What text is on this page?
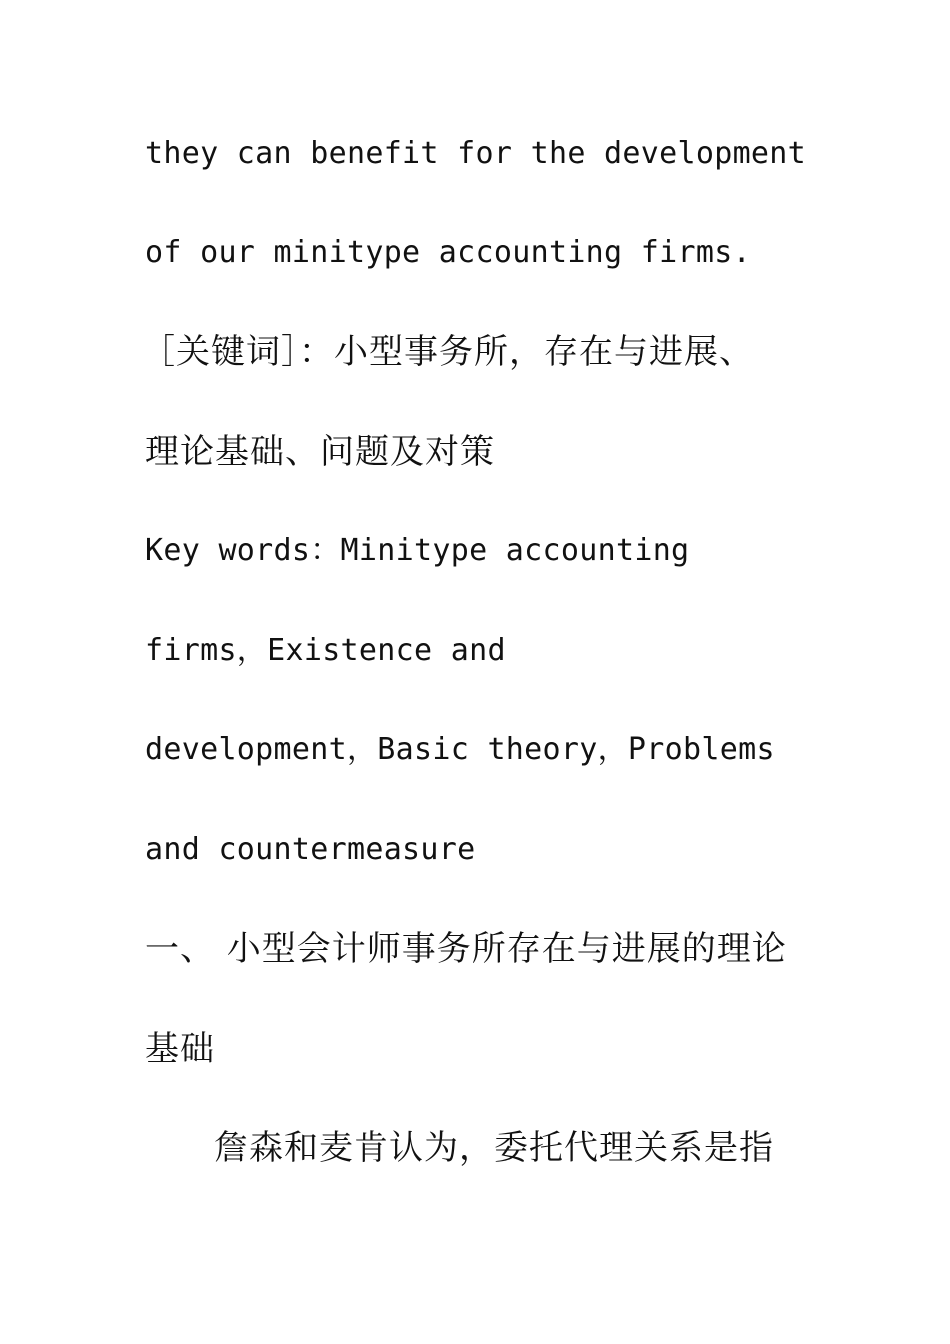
they can benefit for the development
of our minitype accounting firms.
［关键词］：小型事务所，存在与进展、
理论基础、问题及对策
Key words：Minitype accounting
firms，Existence and
development，Basic theory，Problems
and countermeasure
一、 小型会计师事务所存在与进展的理论
基础
詹森和麦肯认为，委托代理关系是指
